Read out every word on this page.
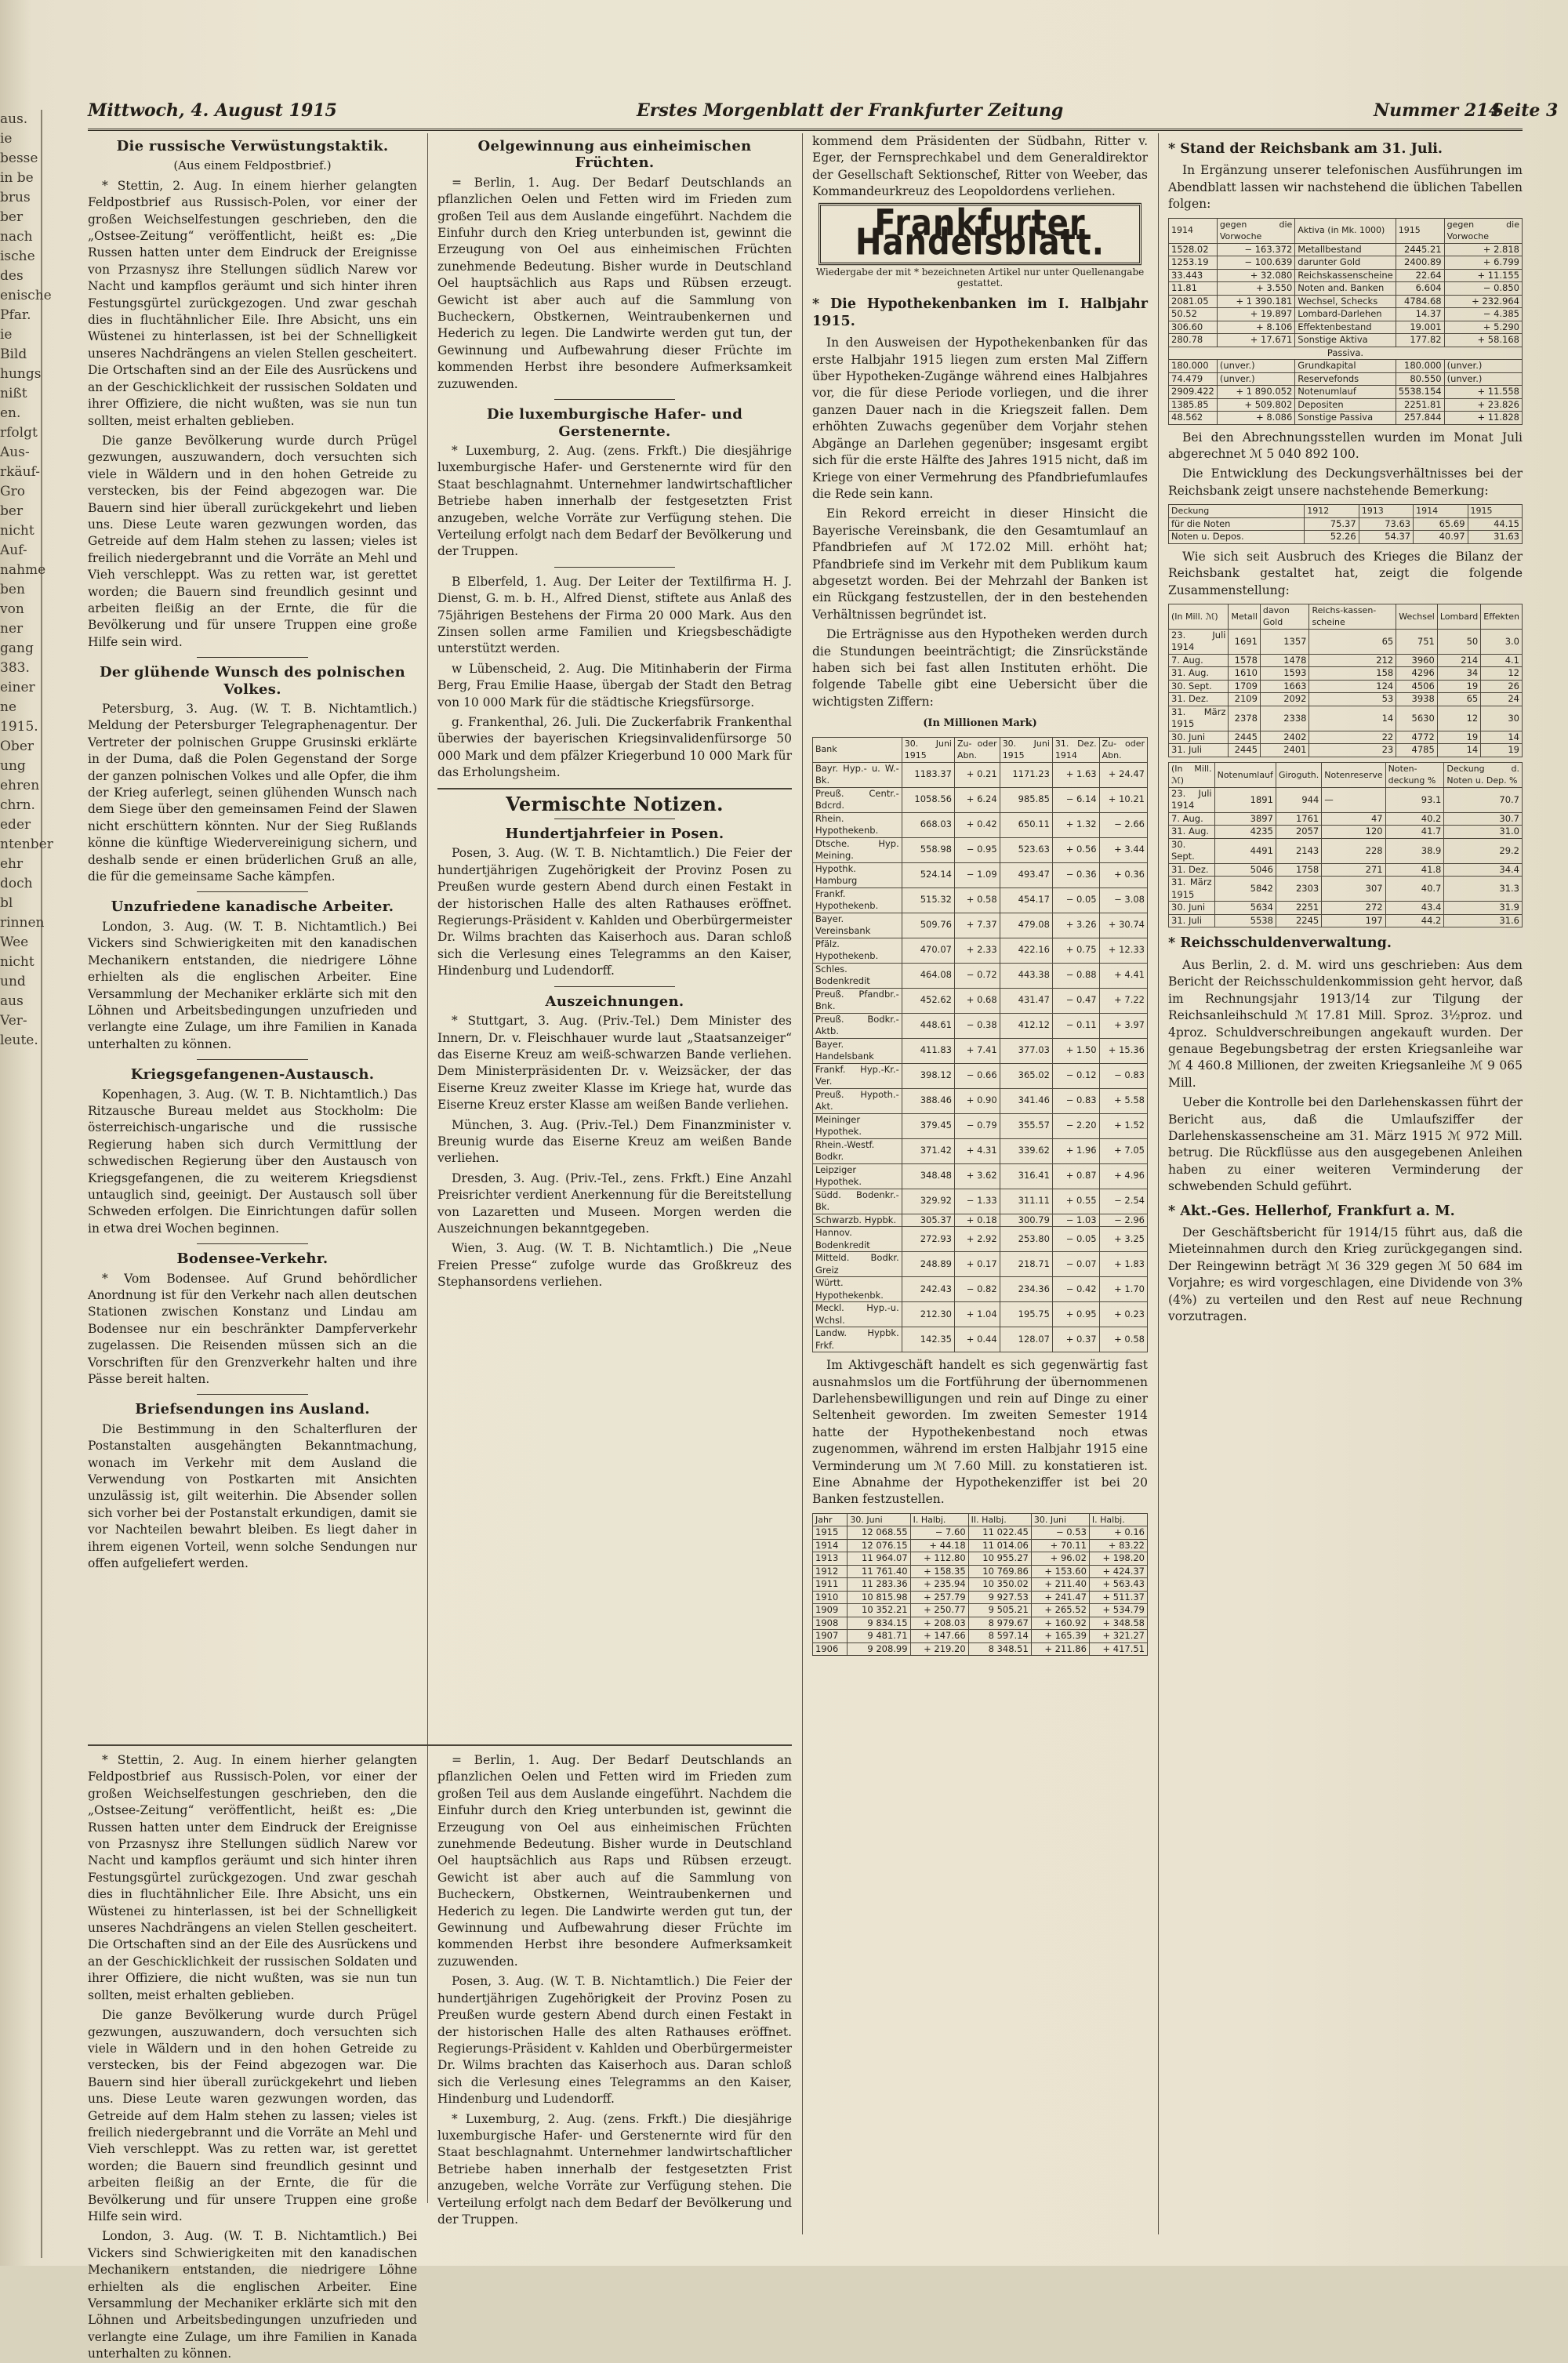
aus.
ie
besse
in be
brus
ber
nach
ische
des
enische
Pfar.
ie
Bild
hungs
nißt
en.
rfolgt
Aus-
rkäuf-
Gro
ber
nicht
Auf-
nahme
ben
von
ner
gang
383.
einer
ne
1915.
Ober
ung
ehren
chrn.
eder
ntenber
ehr
doch
bl
rinnen
Wee
nicht
und
aus
Ver-
leute.
Mittwoch, 4. August 1915	Erstes Morgenblatt der Frankfurter Zeitung	Nummer 214
Seite 3
Die russische Verwüstungstaktik.
(Aus einem Feldpostbrief.)

* Stettin, 2. Aug. In einem hierher gelangten Feldpostbrief aus Russisch-Polen, vor einer der großen Weichselfestungen geschrieben, den die „Ostsee-Zeitung“ veröffentlicht, heißt es: „Die Russen hatten unter dem Eindruck der Ereignisse von Przasnysz ihre Stellungen südlich Narew vor Nacht und kampflos geräumt und sich hinter ihren Festungsgürtel zurückgezogen. Und zwar geschah dies in fluchtähnlicher Eile. Ihre Absicht, uns ein Wüstenei zu hinterlassen, ist bei der Schnelligkeit unseres Nachdrängens an vielen Stellen gescheitert. Die Ortschaften sind an der Eile des Ausrückens und an der Geschicklichkeit der russischen Soldaten und ihrer Offiziere, die nicht wußten, was sie nun tun sollten, meist erhalten geblieben.

Die ganze Bevölkerung wurde durch Prügel gezwungen, auszuwandern, doch versuchten sich viele in Wäldern und in den hohen Getreide zu verstecken, bis der Feind abgezogen war. Die Bauern sind hier überall zurückgekehrt und lieben uns. Diese Leute waren gezwungen worden, das Getreide auf dem Halm stehen zu lassen; vieles ist freilich niedergebrannt und die Vorräte an Mehl und Vieh verschleppt. Was zu retten war, ist gerettet worden; die Bauern sind freundlich gesinnt und arbeiten fleißig an der Ernte, die für die Bevölkerung und für unsere Truppen eine große Hilfe sein wird.

Der glühende Wunsch des polnischen Volkes.

Petersburg, 3. Aug. (W. T. B. Nichtamtlich.) Meldung der Petersburger Telegraphenagentur. Der Vertreter der polnischen Gruppe Grusinski erklärte in der Duma, daß die Polen Gegenstand der Sorge der ganzen polnischen Volkes und alle Opfer, die ihm der Krieg auferlegt, seinen glühenden Wunsch nach dem Siege über den gemeinsamen Feind der Slawen nicht erschüttern könnten. Nur der Sieg Rußlands könne die künftige Wiedervereinigung sichern, und deshalb sende er einen brüderlichen Gruß an alle, die für die gemeinsame Sache kämpfen.

Unzufriedene kanadische Arbeiter.

London, 3. Aug. (W. T. B. Nichtamtlich.) Bei Vickers sind Schwierigkeiten mit den kanadischen Mechanikern entstanden, die niedrigere Löhne erhielten als die englischen Arbeiter. Eine Versammlung der Mechaniker erklärte sich mit den Löhnen und Arbeitsbedingungen unzufrieden und verlangte eine Zulage, um ihre Familien in Kanada unterhalten zu können.

Kriegsgefangenen-Austausch.

Kopenhagen, 3. Aug. (W. T. B. Nichtamtlich.) Das Ritzausche Bureau meldet aus Stockholm: Die österreichisch-ungarische und die russische Regierung haben sich durch Vermittlung der schwedischen Regierung über den Austausch von Kriegsgefangenen, die zu weiterem Kriegsdienst untauglich sind, geeinigt. Der Austausch soll über Schweden erfolgen. Die Einrichtungen dafür sollen in etwa drei Wochen beginnen.

Bodensee-Verkehr.

* Vom Bodensee. Auf Grund behördlicher Anordnung ist für den Verkehr nach allen deutschen Stationen zwischen Konstanz und Lindau am Bodensee nur ein beschränkter Dampferverkehr zugelassen. Die Reisenden müssen sich an die Vorschriften für den Grenzverkehr halten und ihre Pässe bereit halten.

Briefsendungen ins Ausland.

Die Bestimmung in den Schalterfluren der Postanstalten ausgehängten Bekanntmachung, wonach im Verkehr mit dem Ausland die Verwendung von Postkarten mit Ansichten unzulässig ist, gilt weiterhin. Die Absender sollen sich vorher bei der Postanstalt erkundigen, damit sie vor Nachteilen bewahrt bleiben. Es liegt daher in ihrem eigenen Vorteil, wenn solche Sendungen nur offen aufgeliefert werden.

Oelgewinnung aus einheimischen Früchten.

= Berlin, 1. Aug. Der Bedarf Deutschlands an pflanzlichen Oelen und Fetten wird im Frieden zum großen Teil aus dem Auslande eingeführt. Nachdem die Einfuhr durch den Krieg unterbunden ist, gewinnt die Erzeugung von Oel aus einheimischen Früchten zunehmende Bedeutung. Bisher wurde in Deutschland Oel hauptsächlich aus Raps und Rübsen erzeugt. Gewicht ist aber auch auf die Sammlung von Bucheckern, Obstkernen, Weintraubenkernen und Hederich zu legen. Die Landwirte werden gut tun, der Gewinnung und Aufbewahrung dieser Früchte im kommenden Herbst ihre besondere Aufmerksamkeit zuzuwenden.

Die luxemburgische Hafer- und Gerstenernte.

* Luxemburg, 2. Aug. (zens. Frkft.) Die diesjährige luxemburgische Hafer- und Gerstenernte wird für den Staat beschlagnahmt. Unternehmer landwirtschaftlicher Betriebe haben innerhalb der festgesetzten Frist anzugeben, welche Vorräte zur Verfügung stehen. Die Verteilung erfolgt nach dem Bedarf der Bevölkerung und der Truppen.

B Elberfeld, 1. Aug. Der Leiter der Textilfirma H. J. Dienst, G. m. b. H., Alfred Dienst, stiftete aus Anlaß des 75jährigen Bestehens der Firma 20 000 Mark. Aus den Zinsen sollen arme Familien und Kriegsbeschädigte unterstützt werden.

w Lübenscheid, 2. Aug. Die Mitinhaberin der Firma Berg, Frau Emilie Haase, übergab der Stadt den Betrag von 10 000 Mark für die städtische Kriegsfürsorge.

g. Frankenthal, 26. Juli. Die Zuckerfabrik Frankenthal überwies der bayerischen Kriegsinvalidenfürsorge 50 000 Mark und dem pfälzer Kriegerbund 10 000 Mark für das Erholungsheim.

Vermischte Notizen.
Hundertjahrfeier in Posen.

Posen, 3. Aug. (W. T. B. Nichtamtlich.) Die Feier der hundertjährigen Zugehörigkeit der Provinz Posen zu Preußen wurde gestern Abend durch einen Festakt in der historischen Halle des alten Rathauses eröffnet. Regierungs-Präsident v. Kahlden und Oberbürgermeister Dr. Wilms brachten das Kaiserhoch aus. Daran schloß sich die Verlesung eines Telegramms an den Kaiser, Hindenburg und Ludendorff.

Auszeichnungen.

* Stuttgart, 3. Aug. (Priv.-Tel.) Dem Minister des Innern, Dr. v. Fleischhauer wurde laut „Staatsanzeiger“ das Eiserne Kreuz am weiß-schwarzen Bande verliehen. Dem Ministerpräsidenten Dr. v. Weizsäcker, der das Eiserne Kreuz zweiter Klasse im Kriege hat, wurde das Eiserne Kreuz erster Klasse am weißen Bande verliehen.

München, 3. Aug. (Priv.-Tel.) Dem Finanzminister v. Breunig wurde das Eiserne Kreuz am weißen Bande verliehen.

Dresden, 3. Aug. (Priv.-Tel., zens. Frkft.) Eine Anzahl Preisrichter verdient Anerkennung für die Bereitstellung von Lazaretten und Museen. Morgen werden die Auszeichnungen bekanntgegeben.

Wien, 3. Aug. (W. T. B. Nichtamtlich.) Die „Neue Freien Presse“ zufolge wurde das Großkreuz des Stephansordens verliehen.

* Stettin, 2. Aug. In einem hierher gelangten Feldpostbrief aus Russisch-Polen, vor einer der großen Weichselfestungen geschrieben, den die „Ostsee-Zeitung“ veröffentlicht, heißt es: „Die Russen hatten unter dem Eindruck der Ereignisse von Przasnysz ihre Stellungen südlich Narew vor Nacht und kampflos geräumt und sich hinter ihren Festungsgürtel zurückgezogen. Und zwar geschah dies in fluchtähnlicher Eile. Ihre Absicht, uns ein Wüstenei zu hinterlassen, ist bei der Schnelligkeit unseres Nachdrängens an vielen Stellen gescheitert. Die Ortschaften sind an der Eile des Ausrückens und an der Geschicklichkeit der russischen Soldaten und ihrer Offiziere, die nicht wußten, was sie nun tun sollten, meist erhalten geblieben.

Die ganze Bevölkerung wurde durch Prügel gezwungen, auszuwandern, doch versuchten sich viele in Wäldern und in den hohen Getreide zu verstecken, bis der Feind abgezogen war. Die Bauern sind hier überall zurückgekehrt und lieben uns. Diese Leute waren gezwungen worden, das Getreide auf dem Halm stehen zu lassen; vieles ist freilich niedergebrannt und die Vorräte an Mehl und Vieh verschleppt. Was zu retten war, ist gerettet worden; die Bauern sind freundlich gesinnt und arbeiten fleißig an der Ernte, die für die Bevölkerung und für unsere Truppen eine große Hilfe sein wird.

London, 3. Aug. (W. T. B. Nichtamtlich.) Bei Vickers sind Schwierigkeiten mit den kanadischen Mechanikern entstanden, die niedrigere Löhne erhielten als die englischen Arbeiter. Eine Versammlung der Mechaniker erklärte sich mit den Löhnen und Arbeitsbedingungen unzufrieden und verlangte eine Zulage, um ihre Familien in Kanada unterhalten zu können.

= Berlin, 1. Aug. Der Bedarf Deutschlands an pflanzlichen Oelen und Fetten wird im Frieden zum großen Teil aus dem Auslande eingeführt. Nachdem die Einfuhr durch den Krieg unterbunden ist, gewinnt die Erzeugung von Oel aus einheimischen Früchten zunehmende Bedeutung. Bisher wurde in Deutschland Oel hauptsächlich aus Raps und Rübsen erzeugt. Gewicht ist aber auch auf die Sammlung von Bucheckern, Obstkernen, Weintraubenkernen und Hederich zu legen. Die Landwirte werden gut tun, der Gewinnung und Aufbewahrung dieser Früchte im kommenden Herbst ihre besondere Aufmerksamkeit zuzuwenden.

Posen, 3. Aug. (W. T. B. Nichtamtlich.) Die Feier der hundertjährigen Zugehörigkeit der Provinz Posen zu Preußen wurde gestern Abend durch einen Festakt in der historischen Halle des alten Rathauses eröffnet. Regierungs-Präsident v. Kahlden und Oberbürgermeister Dr. Wilms brachten das Kaiserhoch aus. Daran schloß sich die Verlesung eines Telegramms an den Kaiser, Hindenburg und Ludendorff.

* Luxemburg, 2. Aug. (zens. Frkft.) Die diesjährige luxemburgische Hafer- und Gerstenernte wird für den Staat beschlagnahmt. Unternehmer landwirtschaftlicher Betriebe haben innerhalb der festgesetzten Frist anzugeben, welche Vorräte zur Verfügung stehen. Die Verteilung erfolgt nach dem Bedarf der Bevölkerung und der Truppen.

kommend dem Präsidenten der Südbahn, Ritter v. Eger, der Fernsprechkabel und dem Generaldirektor der Gesellschaft Sektionschef, Ritter von Weeber, das Kommandeurkreuz des Leopoldordens verliehen.

Frankfurter Handelsblatt.
Wiedergabe der mit * bezeichneten Artikel nur unter Quellenangabe gestattet.
* Die Hypothekenbanken im I. Halbjahr 1915.

In den Ausweisen der Hypothekenbanken für das erste Halbjahr 1915 liegen zum ersten Mal Ziffern über Hypotheken-Zugänge während eines Halbjahres vor, die für diese Periode vorliegen, und die ihrer ganzen Dauer nach in die Kriegszeit fallen. Dem erhöhten Zuwachs gegenüber dem Vorjahr stehen Abgänge an Darlehen gegenüber; insgesamt ergibt sich für die erste Hälfte des Jahres 1915 nicht, daß im Kriege von einer Vermehrung des Pfandbriefumlaufes die Rede sein kann.

Ein Rekord erreicht in dieser Hinsicht die Bayerische Vereinsbank, die den Gesamtumlauf an Pfandbriefen auf ℳ 172.02 Mill. erhöht hat; Pfandbriefe sind im Verkehr mit dem Publikum kaum abgesetzt worden. Bei der Mehrzahl der Banken ist ein Rückgang festzustellen, der in den bestehenden Verhältnissen begründet ist.

Die Erträgnisse aus den Hypotheken werden durch die Stundungen beeinträchtigt; die Zinsrückstände haben sich bei fast allen Instituten erhöht. Die folgende Tabelle gibt eine Uebersicht über die wichtigsten Ziffern:

(In Millionen Mark)
Bank	30. Juni 1915	Zu- oder Abn.	30. Juni 1915	31. Dez. 1914	Zu- oder Abn.
Bayr. Hyp.- u. W.-Bk.	1183.37	+ 0.21	1171.23	+ 1.63	+ 24.47
Preuß. Centr.-Bdcrd.	1058.56	+ 6.24	985.85	− 6.14	+ 10.21
Rhein. Hypothekenb.	668.03	+ 0.42	650.11	+ 1.32	− 2.66
Dtsche. Hyp. Meining.	558.98	− 0.95	523.63	+ 0.56	+ 3.44
Hypothk. Hamburg	524.14	− 1.09	493.47	− 0.36	+ 0.36
Frankf. Hypothekenb.	515.32	+ 0.58	454.17	− 0.05	− 3.08
Bayer. Vereinsbank	509.76	+ 7.37	479.08	+ 3.26	+ 30.74
Pfälz. Hypothekenb.	470.07	+ 2.33	422.16	+ 0.75	+ 12.33
Schles. Bodenkredit	464.08	− 0.72	443.38	− 0.88	+ 4.41
Preuß. Pfandbr.-Bnk.	452.62	+ 0.68	431.47	− 0.47	+ 7.22
Preuß. Bodkr.-Aktb.	448.61	− 0.38	412.12	− 0.11	+ 3.97
Bayer. Handelsbank	411.83	+ 7.41	377.03	+ 1.50	+ 15.36
Frankf. Hyp.-Kr.-Ver.	398.12	− 0.66	365.02	− 0.12	− 0.83
Preuß. Hypoth.-Akt.	388.46	+ 0.90	341.46	− 0.83	+ 5.58
Meininger Hypothek.	379.45	− 0.79	355.57	− 2.20	+ 1.52
Rhein.-Westf. Bodkr.	371.42	+ 4.31	339.62	+ 1.96	+ 7.05
Leipziger Hypothek.	348.48	+ 3.62	316.41	+ 0.87	+ 4.96
Südd. Bodenkr.-Bk.	329.92	− 1.33	311.11	+ 0.55	− 2.54
Schwarzb. Hypbk.	305.37	+ 0.18	300.79	− 1.03	− 2.96
Hannov. Bodenkredit	272.93	+ 2.92	253.80	− 0.05	+ 3.25
Mitteld. Bodkr. Greiz	248.89	+ 0.17	218.71	− 0.07	+ 1.83
Württ. Hypothekenbk.	242.43	− 0.82	234.36	− 0.42	+ 1.70
Meckl. Hyp.-u. Wchsl.	212.30	+ 1.04	195.75	+ 0.95	+ 0.23
Landw. Hypbk. Frkf.	142.35	+ 0.44	128.07	+ 0.37	+ 0.58

Im Aktivgeschäft handelt es sich gegenwärtig fast ausnahmslos um die Fortführung der übernommenen Darlehensbewilligungen und rein auf Dinge zu einer Seltenheit geworden. Im zweiten Semester 1914 hatte der Hypothekenbestand noch etwas zugenommen, während im ersten Halbjahr 1915 eine Verminderung um ℳ 7.60 Mill. zu konstatieren ist. Eine Abnahme der Hypothekenziffer ist bei 20 Banken festzustellen.

Jahr	30. Juni	I. Halbj.	II. Halbj.	30. Juni	I. Halbj.
1915	12 068.55	− 7.60	11 022.45	− 0.53	+ 0.16
1914	12 076.15	+ 44.18	11 014.06	+ 70.11	+ 83.22
1913	11 964.07	+ 112.80	10 955.27	+ 96.02	+ 198.20
1912	11 761.40	+ 158.35	10 769.86	+ 153.60	+ 424.37
1911	11 283.36	+ 235.94	10 350.02	+ 211.40	+ 563.43
1910	10 815.98	+ 257.79	9 927.53	+ 241.47	+ 511.37
1909	10 352.21	+ 250.77	9 505.21	+ 265.52	+ 534.79
1908	9 834.15	+ 208.03	8 979.67	+ 160.92	+ 348.58
1907	9 481.71	+ 147.66	8 597.14	+ 165.39	+ 321.27
1906	9 208.99	+ 219.20	8 348.51	+ 211.86	+ 417.51
* Stand der Reichsbank am 31. Juli.

In Ergänzung unserer telefonischen Ausführungen im Abendblatt lassen wir nachstehend die üblichen Tabellen folgen:

1914	gegen die Vorwoche	Aktiva (in Mk. 1000)	1915	gegen die Vorwoche
1528.02	− 163.372	Metallbestand	2445.21	+ 2.818
1253.19	− 100.639	darunter Gold	2400.89	+ 6.799
33.443	+ 32.080	Reichskassenscheine	22.64	+ 11.155
11.81	+ 3.550	Noten and. Banken	6.604	− 0.850
2081.05	+ 1 390.181	Wechsel, Schecks	4784.68	+ 232.964
50.52	+ 19.897	Lombard-Darlehen	14.37	− 4.385
306.60	+ 8.106	Effektenbestand	19.001	+ 5.290
280.78	+ 17.671	Sonstige Aktiva	177.82	+ 58.168
Passiva.				
180.000	(unver.)	Grundkapital	180.000	(unver.)
74.479	(unver.)	Reservefonds	80.550	(unver.)
2909.422	+ 1 890.052	Notenumlauf	5538.154	+ 11.558
1385.85	+ 509.802	Depositen	2251.81	+ 23.826
48.562	+ 8.086	Sonstige Passiva	257.844	+ 11.828

Bei den Abrechnungsstellen wurden im Monat Juli abgerechnet ℳ 5 040 892 100.

Die Entwicklung des Deckungsverhältnisses bei der Reichsbank zeigt unsere nachstehende Bemerkung:

Deckung	1912	1913	1914	1915
für die Noten	75.37	73.63	65.69	44.15
Noten u. Depos.	52.26	54.37	40.97	31.63

Wie sich seit Ausbruch des Krieges die Bilanz der Reichsbank gestaltet hat, zeigt die folgende Zusammenstellung:

(In Mill. ℳ)	Metall	davon Gold	Reichs-kassen-scheine	Wechsel	Lombard	Effekten
23. Juli 1914	1691	1357	65	751	50	3.0
7. Aug.	1578	1478	212	3960	214	4.1
31. Aug.	1610	1593	158	4296	34	12
30. Sept.	1709	1663	124	4506	19	26
31. Dez.	2109	2092	53	3938	65	24
31. März 1915	2378	2338	14	5630	12	30
30. Juni	2445	2402	22	4772	19	14
31. Juli	2445	2401	23	4785	14	19
(In Mill. ℳ)	Notenumlauf	Giroguth.	Notenreserve	Noten-deckung %	Deckung d. Noten u. Dep. %
23. Juli 1914	1891	944	—	93.1	70.7
7. Aug.	3897	1761	47	40.2	30.7
31. Aug.	4235	2057	120	41.7	31.0
30. Sept.	4491	2143	228	38.9	29.2
31. Dez.	5046	1758	271	41.8	34.4
31. März 1915	5842	2303	307	40.7	31.3
30. Juni	5634	2251	272	43.4	31.9
31. Juli	5538	2245	197	44.2	31.6
* Reichsschuldenverwaltung.

Aus Berlin, 2. d. M. wird uns geschrieben: Aus dem Bericht der Reichsschuldenkommission geht hervor, daß im Rechnungsjahr 1913/14 zur Tilgung der Reichsanleihschuld ℳ 17.81 Mill. Sprоz. 3½proz. und 4proz. Schuldverschreibungen angekauft wurden. Der genaue Begebungsbetrag der ersten Kriegsanleihe war ℳ 4 460.8 Millionen, der zweiten Kriegsanleihe ℳ 9 065 Mill.

Ueber die Kontrolle bei den Darlehenskassen führt der Bericht aus, daß die Umlaufsziffer der Darlehenskassenscheine am 31. März 1915 ℳ 972 Mill. betrug. Die Rückflüsse aus den ausgegebenen Anleihen haben zu einer weiteren Verminderung der schwebenden Schuld geführt.

* Akt.-Ges. Hellerhof, Frankfurt a. M.

Der Geschäftsbericht für 1914/15 führt aus, daß die Mieteinnahmen durch den Krieg zurückgegangen sind. Der Reingewinn beträgt ℳ 36 329 gegen ℳ 50 684 im Vorjahre; es wird vorgeschlagen, eine Dividende von 3% (4%) zu verteilen und den Rest auf neue Rechnung vorzutragen.
